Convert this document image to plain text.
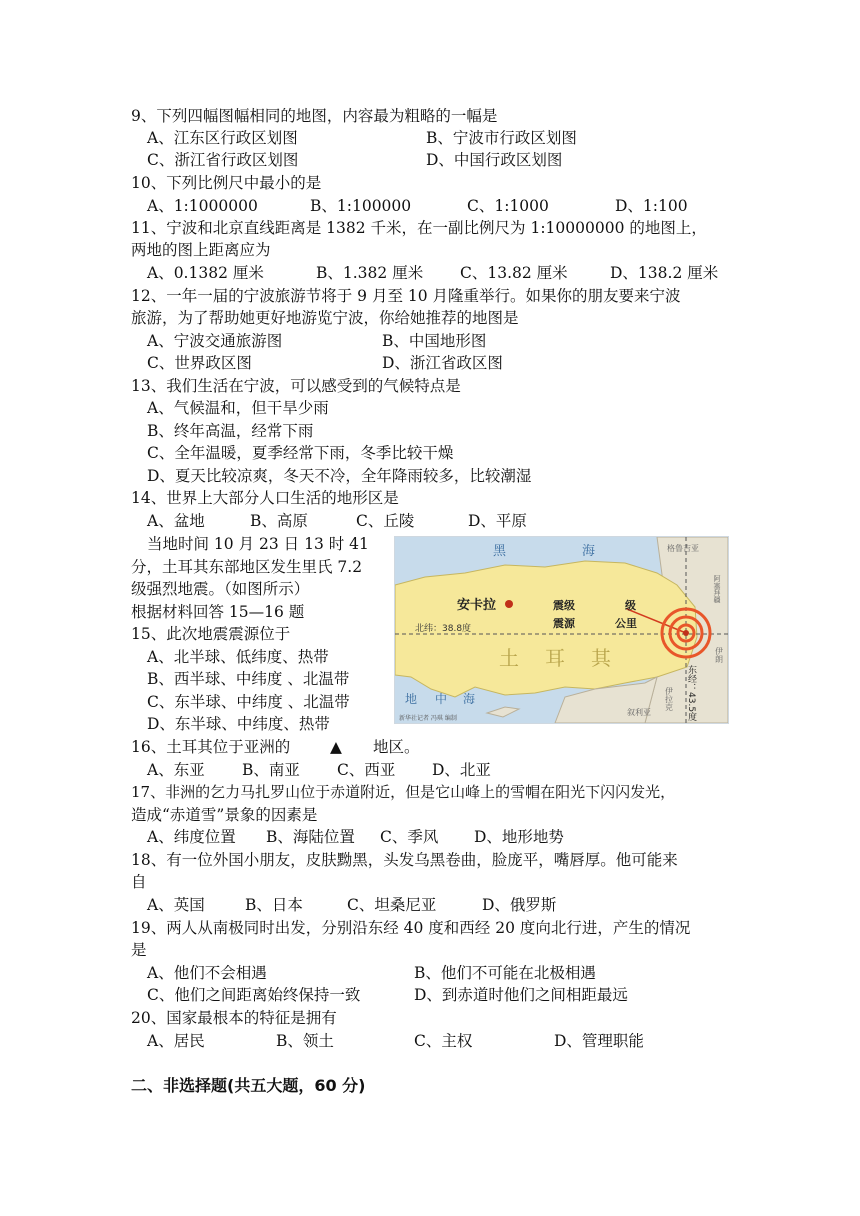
9、下列四幅图幅相同的地图，内容最为粗略的一幅是
A、江东区行政区划图	B、宁波市行政区划图
C、浙江省行政区划图	D、中国行政区划图
10、下列比例尺中最小的是
A、1:1000000	B、1:100000	C、1:1000	D、1:100
11、宁波和北京直线距离是 1382 千米，在一副比例尺为 1:10000000 的地图上，
两地的图上距离应为
A、0.1382 厘米	B、1.382 厘米 C、13.82 厘米	D、138.2 厘米
12、一年一届的宁波旅游节将于 9 月至 10 月隆重举行。如果你的朋友要来宁波
旅游，为了帮助她更好地游览宁波，你给她推荐的地图是
A、宁波交通旅游图	B、中国地形图
C、世界政区图	D、浙江省政区图
13、我们生活在宁波，可以感受到的气候特点是
A、气候温和，但干旱少雨
B、终年高温，经常下雨
C、全年温暖，夏季经常下雨，冬季比较干燥
D、夏天比较凉爽，冬天不冷，全年降雨较多，比较潮湿
14、世界上大部分人口生活的地形区是
A、盆地	B、高原	C、丘陵	D、平原
当地时间 10 月 23 日 13 时 41
分，土耳其东部地区发生里氏 7.2
级强烈地震。（如图所示）
根据材料回答 15—16 题
黑	海
地 中 海
土 耳 其
安卡拉
北纬：38.8度
震级	级
震源	公里
东经：43.5度
格鲁吉亚
叙利亚
伊拉克
伊朗
阿塞拜疆
新华社记者 冯琪 编制
15、此次地震震源位于
A、北半球、低纬度、热带
B、西半球、中纬度 、北温带
C、东半球、中纬度 、北温带
D、东半球、中纬度、热带
16、土耳其位于亚洲的	▲ 地区。
A、东亚 B、南亚 C、西亚 D、北亚
17、非洲的乞力马扎罗山位于赤道附近，但是它山峰上的雪帽在阳光下闪闪发光，
造成“赤道雪”景象的因素是
A、纬度位置 B、海陆位置 C、季风 D、地形地势
18、有一位外国小朋友，皮肤黝黑，头发乌黑卷曲，脸庞平，嘴唇厚。他可能来
自
A、英国	B、日本	C、坦桑尼亚	D、俄罗斯
19、两人从南极同时出发，分别沿东经 40 度和西经 20 度向北行进，产生的情况
是
A、他们不会相遇	B、他们不可能在北极相遇
C、他们之间距离始终保持一致	D、到赤道时他们之间相距最远
20、国家最根本的特征是拥有
A、居民	B、领土	C、主权	D、管理职能
二、非选择题(共五大题，60 分)
